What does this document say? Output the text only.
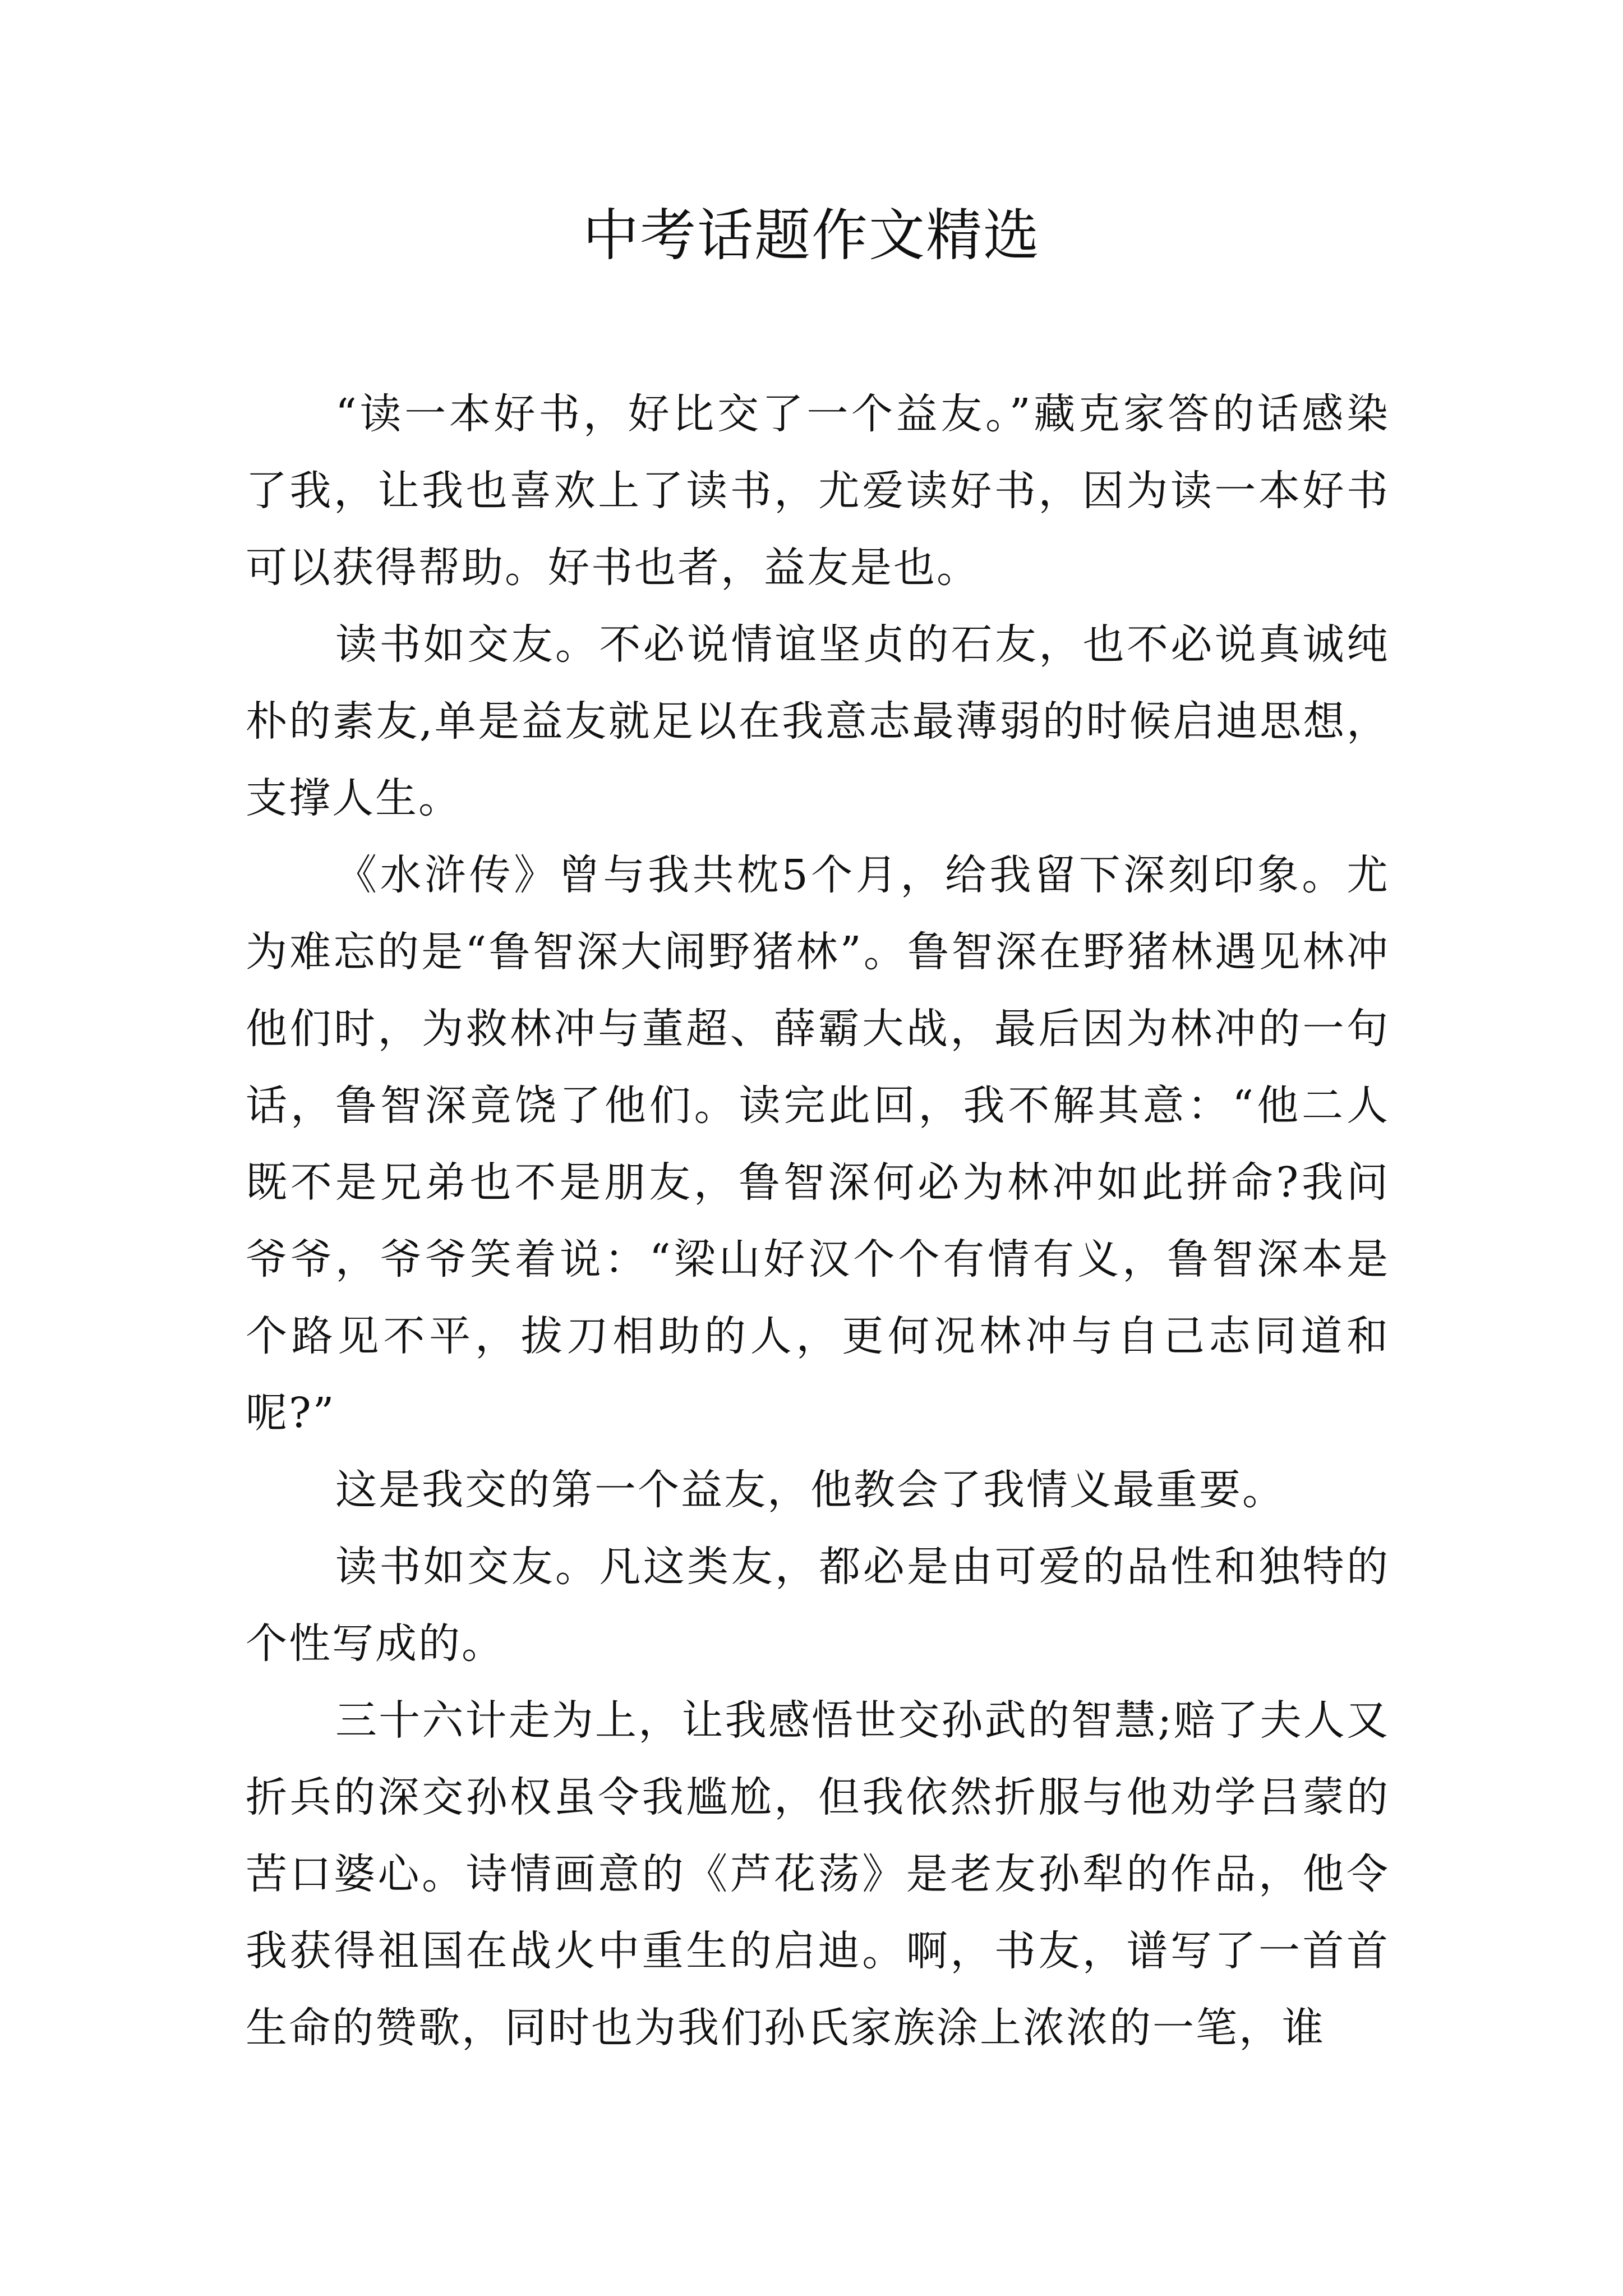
中考话题作文精选

“读一本好书，好比交了一个益友。”藏克家答的话感染了我，让我也喜欢上了读书，尤爱读好书，因为读一本好书可以获得帮助。好书也者，益友是也。

读书如交友。不必说情谊坚贞的石友，也不必说真诚纯朴的素友,单是益友就足以在我意志最薄弱的时候启迪思想，支撑人生。

《水浒传》曾与我共枕5个月，给我留下深刻印象。尤为难忘的是“鲁智深大闹野猪林”。鲁智深在野猪林遇见林冲他们时，为救林冲与董超、薛霸大战，最后因为林冲的一句话，鲁智深竟饶了他们。读完此回，我不解其意：“他二人既不是兄弟也不是朋友，鲁智深何必为林冲如此拼命?我问爷爷，爷爷笑着说：“梁山好汉个个有情有义，鲁智深本是个路见不平，拔刀相助的人，更何况林冲与自己志同道和呢?”

这是我交的第一个益友，他教会了我情义最重要。

读书如交友。凡这类友，都必是由可爱的品性和独特的个性写成的。

三十六计走为上，让我感悟世交孙武的智慧;赔了夫人又折兵的深交孙权虽令我尴尬，但我依然折服与他劝学吕蒙的苦口婆心。诗情画意的《芦花荡》是老友孙犁的作品，他令我获得祖国在战火中重生的启迪。啊，书友，谱写了一首首生命的赞歌，同时也为我们孙氏家族涂上浓浓的一笔，谁
